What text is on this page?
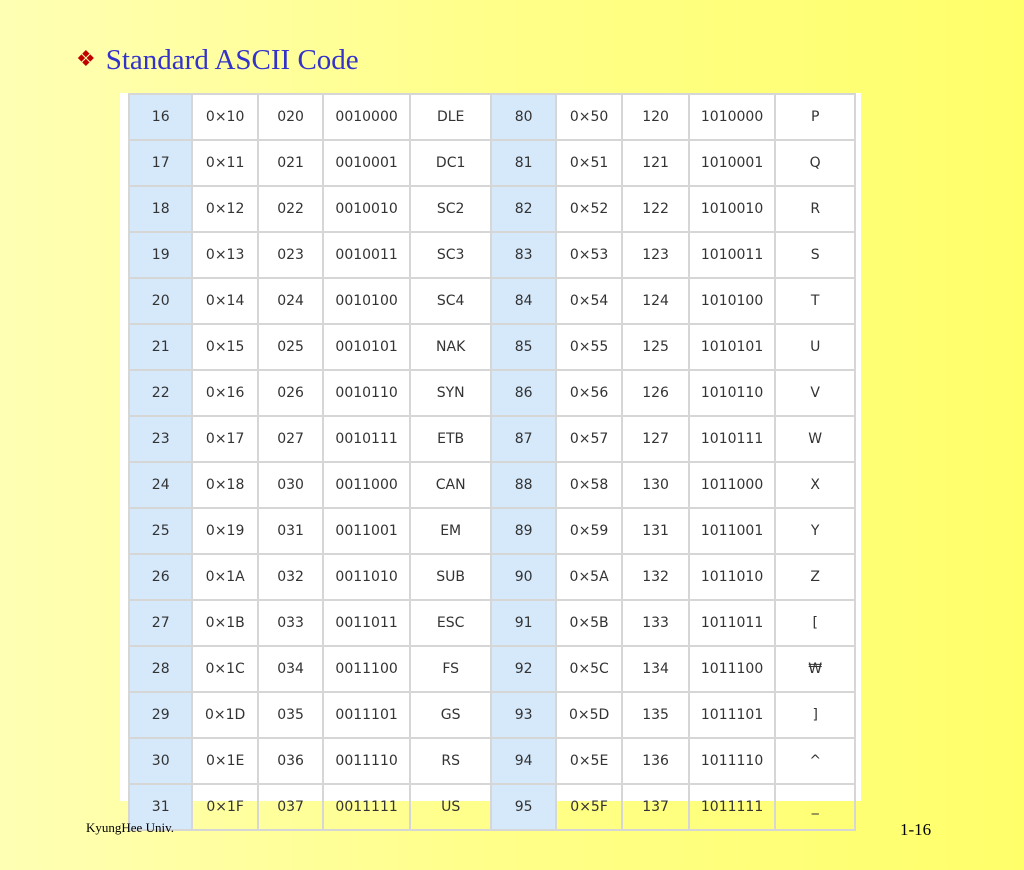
❖ Standard ASCII Code
16	0×10	020	0010000	DLE	80	0×50	120	1010000	P
17	0×11	021	0010001	DC1	81	0×51	121	1010001	Q
18	0×12	022	0010010	SC2	82	0×52	122	1010010	R
19	0×13	023	0010011	SC3	83	0×53	123	1010011	S
20	0×14	024	0010100	SC4	84	0×54	124	1010100	T
21	0×15	025	0010101	NAK	85	0×55	125	1010101	U
22	0×16	026	0010110	SYN	86	0×56	126	1010110	V
23	0×17	027	0010111	ETB	87	0×57	127	1010111	W
24	0×18	030	0011000	CAN	88	0×58	130	1011000	X
25	0×19	031	0011001	EM	89	0×59	131	1011001	Y
26	0×1A	032	0011010	SUB	90	0×5A	132	1011010	Z
27	0×1B	033	0011011	ESC	91	0×5B	133	1011011	[
28	0×1C	034	0011100	FS	92	0×5C	134	1011100	₩
29	0×1D	035	0011101	GS	93	0×5D	135	1011101	]
30	0×1E	036	0011110	RS	94	0×5E	136	1011110	^
31	0×1F	037	0011111	US	95	0×5F	137	1011111	_
KyungHee Univ.	1-16
